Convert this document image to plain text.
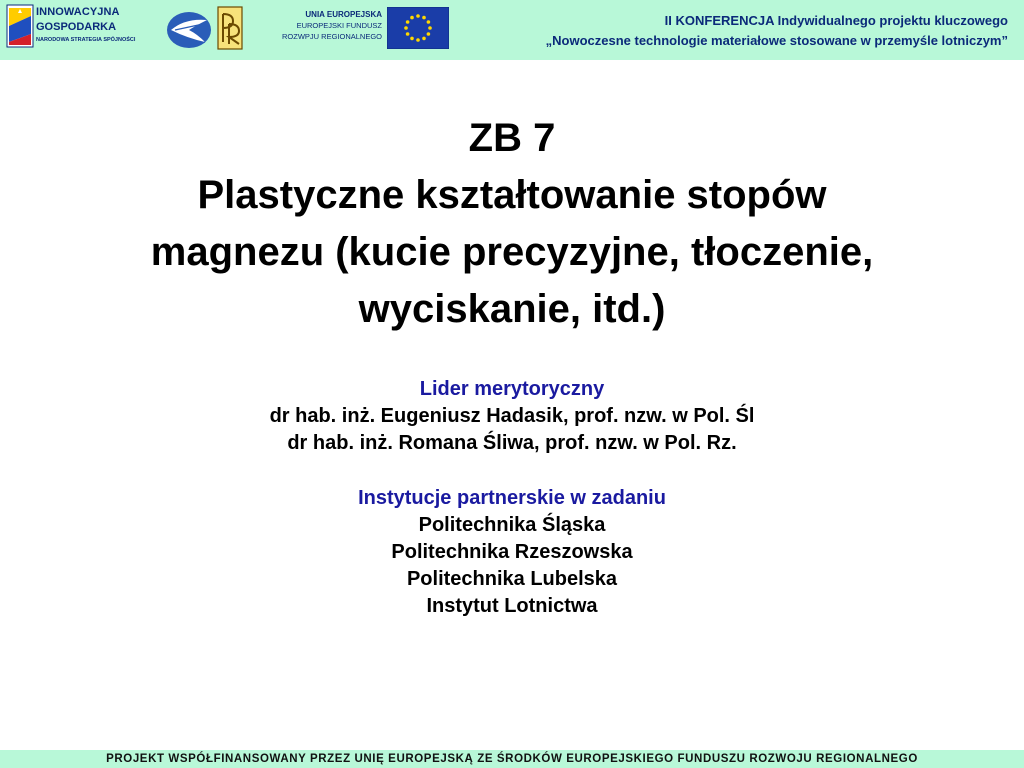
INNOWACYJNA
GOSPODARKA
NARODOWA STRATEGIA SPÓJNOŚCI
UNIA EUROPEJSKA
EUROPEJSKI FUNDUSZ
ROZWPJU REGIONALNEGO
II KONFERENCJA Indywidualnego projektu kluczowego
„Nowoczesne technologie materiałowe stosowane w przemyśle lotniczym”
ZB 7
Plastyczne kształtowanie stopów
magnezu (kucie precyzyjne, tłoczenie,
wyciskanie, itd.)
Lider merytoryczny
dr hab. inż. Eugeniusz Hadasik, prof. nzw. w Pol. Śl
dr hab. inż. Romana Śliwa, prof. nzw. w Pol. Rz.
Instytucje partnerskie w zadaniu
Politechnika Śląska
Politechnika Rzeszowska
Politechnika Lubelska
Instytut Lotnictwa
PROJEKT WSPÓŁFINANSOWANY PRZEZ UNIĘ EUROPEJSKĄ ZE ŚRODKÓW EUROPEJSKIEGO FUNDUSZU ROZWOJU REGIONALNEGO
